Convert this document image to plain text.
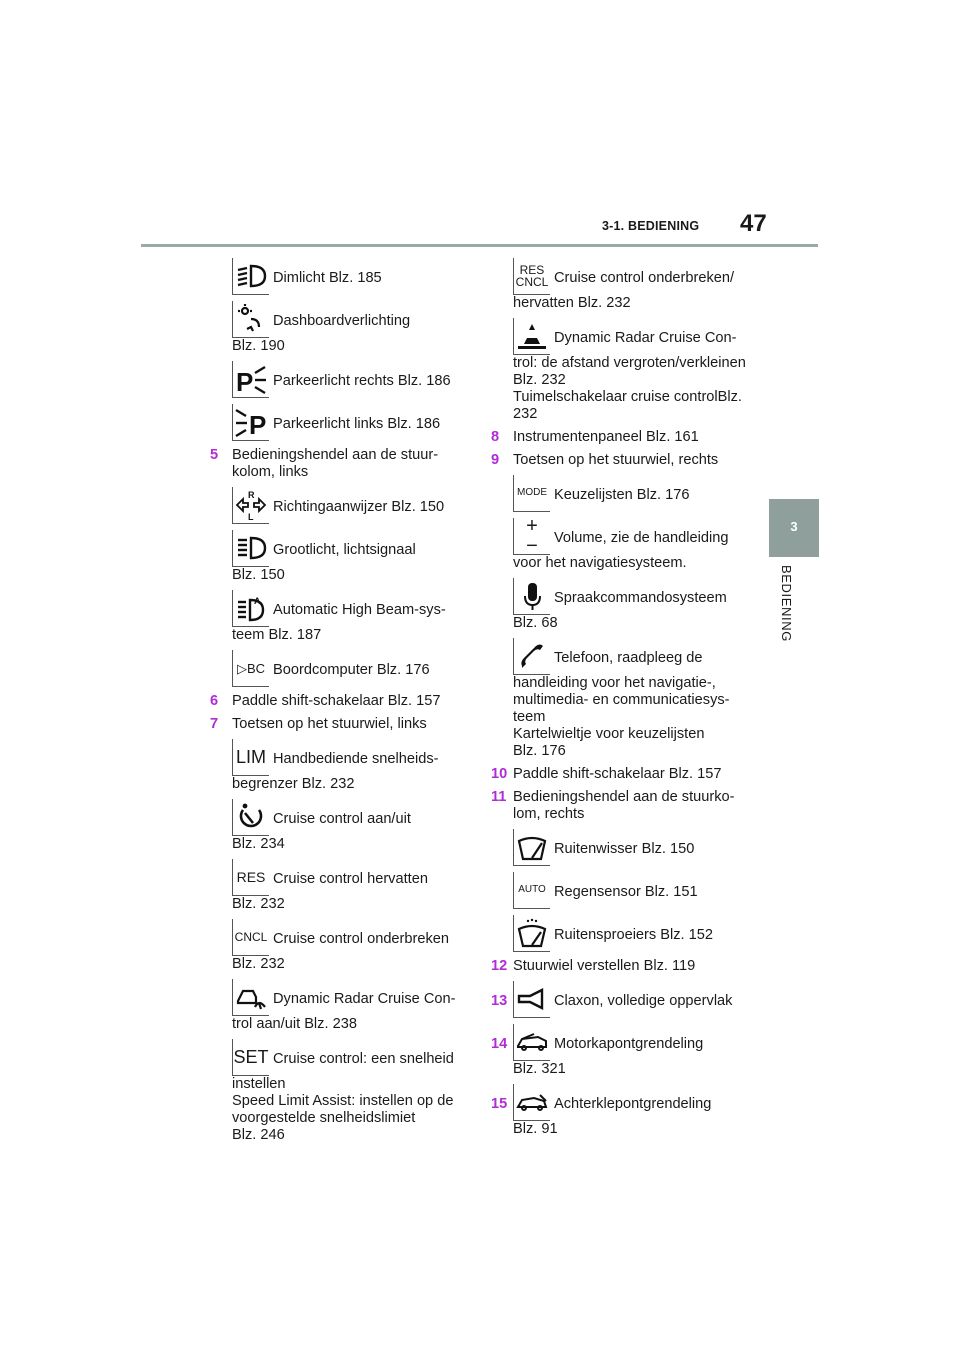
3-1. BEDIENING 47
3
BEDIENING
Dimlicht Blz. 185
Dashboardverlichting
Blz. 190
P	Parkeerlicht rechts Blz. 186
P Parkeerlicht links Blz. 186
5 Bedieningshendel aan de stuur-kolom, links
R
L
Richtingaanwijzer Blz. 150
Grootlicht, lichtsignaal
Blz. 150
A
Automatic High Beam-sys-
teem Blz. 187
▷BC Boordcomputer Blz. 176
6 Paddle shift-schakelaar Blz. 157
7 Toetsen op het stuurwiel, links
LIM Handbediende snelheids-
begrenzer Blz. 232
Cruise control aan/uit
Blz. 234
RES Cruise control hervatten
Blz. 232
CNCL Cruise control onderbreken
Blz. 232
Dynamic Radar Cruise Con-
trol aan/uit Blz. 238
SET Cruise control: een snelheid
instellen
Speed Limit Assist: instellen op de voorgestelde snelheidslimiet
Blz. 246
RES
CNCL Cruise control onderbreken/
hervatten Blz. 232
Dynamic Radar Cruise Con-
trol: de afstand vergroten/verkleinen
Blz. 232
Tuimelschakelaar cruise controlBlz. 232
8 Instrumentenpaneel Blz. 161
9 Toetsen op het stuurwiel, rechts
MODE Keuzelijsten Blz. 176
+
−	Volume, zie de handleiding
voor het navigatiesysteem.
Spraakcommandosysteem
Blz. 68
Telefoon, raadpleeg de
handleiding voor het navigatie-, multimedia- en communicatiesys-teem
Kartelwieltje voor keuzelijsten
Blz. 176
10 Paddle shift-schakelaar Blz. 157
11 Bedieningshendel aan de stuurko-lom, rechts
Ruitenwisser Blz. 150
AUTO Regensensor Blz. 151
Ruitensproeiers Blz. 152
12 Stuurwiel verstellen Blz. 119
13	Claxon, volledige oppervlak
14	Motorkapontgrendeling
Blz. 321
15	Achterklepontgrendeling
Blz. 91
